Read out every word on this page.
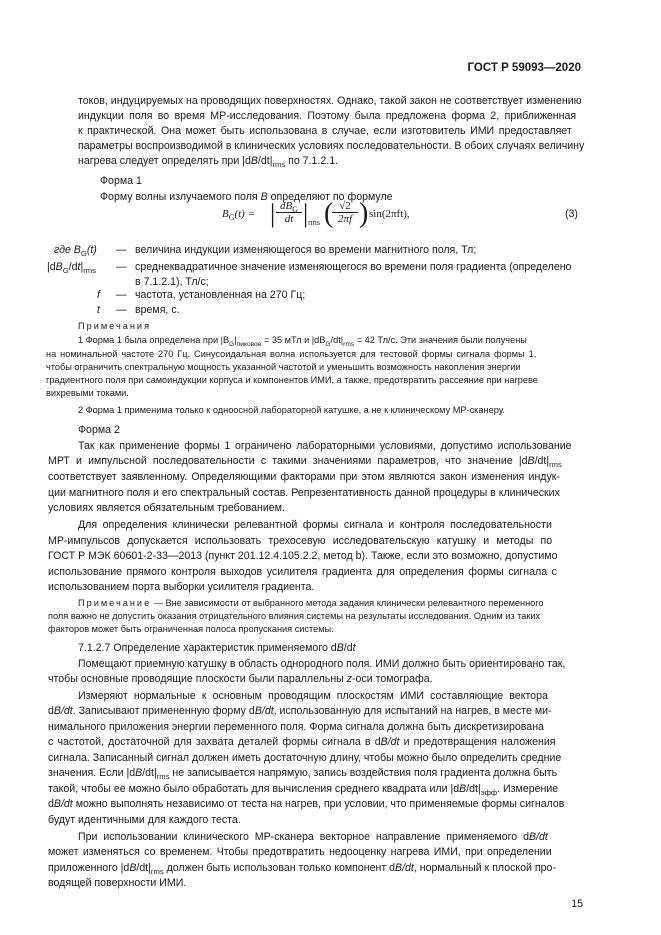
ГОСТ Р 59093—2020
токов, индуцируемых на проводящих поверхностях. Однако, такой закон не соответствует изменению
индукции поля во время МР-исследования. Поэтому была предложена форма 2, приближенная
к практической. Она может быть использована в случае, если изготовитель ИМИ предоставляет
параметры воспроизводимой в клинических условиях последовательности. В обоих случаях величину
нагрева следует определять при $|dB/dt|_{rms}$ по 7.1.2.1.
Форма 1
Форму волны излучаемого поля B определяют по формуле
$B_G(t)$ = | $dB_G$
dt | rms (
$\frac{√2}{2\pi f}$ ) sin(2πft),	(3)
где $B_G(t)$ — величина индукции изменяющегося во времени магнитного поля, Тл;
$|dB_G/dt|_{rms}$ — среднеквадратичное значение изменяющегося во времени поля градиента (определено
в 7.1.2.1), Тл/с;
f — частота, установленная на 270 Гц;
t — время, с.
Примечания
1 Форма 1 была определена при $|B_G|_{пиковое} = 35$ мТл и $|dB_G/dt|_{rms} = 42$ Тл/с. Эти значения были получены
на номинальной частоте 270 Гц. Синусоидальная волна используется для тестовой формы сигнала формы 1,
чтобы ограничить спектральную мощность указанной частотой и уменьшить возможность накопления энергии
градиентного поля при самоиндукции корпуса и компонентов ИМИ, а также, предотвратить рассеяние при нагреве
вихревыми токами.
2 Форма 1 применима только к одноосной лабораторной катушке, а не к клиническому МР-сканеру.
Форма 2
Так как применение формы 1 ограничено лабораторными условиями, допустимо использование
МРТ и импульсной последовательности с такими значениями параметров, что значение $|dB/dt|_{rms}$
соответствует заявленному. Определяющими факторами при этом являются закон изменения индук-
ции магнитного поля и его спектральный состав. Репрезентативность данной процедуры в клинических
условиях является обязательным требованием.
Для определения клинически релевантной формы сигнала и контроля последовательности
МР-импульсов допускается использовать трехосевую исследовательскую катушку и методы по
ГОСТ Р МЭК 60601-2-33—2013 (пункт 201.12.4.105.2.2, метод b). Также, если это возможно, допустимо
использование прямого контроля выходов усилителя градиента для определения формы сигнала с
использованием порта выборки усилителя градиента.
Примечание — Вне зависимости от выбранного метода задания клинически релевантного переменного
поля важно не допустить оказания отрицательного влияния системы на результаты исследования. Одним из таких
факторов может быть ограниченная полоса пропускания системы.
7.1.2.7 Определение характеристик применяемого dB/dt
Помещают приемную катушку в область однородного поля. ИМИ должно быть ориентировано так,
чтобы основные проводящие плоскости были параллельны z-оси томографа.
Измеряют нормальные к основным проводящим плоскостям ИМИ составляющие вектора
dB/dt. Записывают примененную форму dB/dt, использованную для испытаний на нагрев, в месте ми-
нимального приложения энергии переменного поля. Форма сигнала должна быть дискретизирована
с частотой, достаточной для захвата деталей формы сигнала в dB/dt и предотвращения наложения
сигнала. Записанный сигнал должен иметь достаточную длину, чтобы можно было определить средние
значения. Если $|dB/dt|_{rms}$ не записывается напрямую, запись воздействия поля градиента должна быть
такой, чтобы ее можно было обработать для вычисления среднего квадрата или $|dB/dt|_{эфф}$. Измерение
dB/dt можно выполнять независимо от теста на нагрев, при условии, что применяемые формы сигналов
будут идентичными для каждого теста.
При использовании клинического МР-сканера векторное направление применяемого dB/dt
может изменяться со временем. Чтобы предотвратить недооценку нагрева ИМИ, при определении
приложенного $|dB/dt|_{rms}$ должен быть использован только компонент dB/dt, нормальный к плоской про-
водящей поверхности ИМИ.
15
